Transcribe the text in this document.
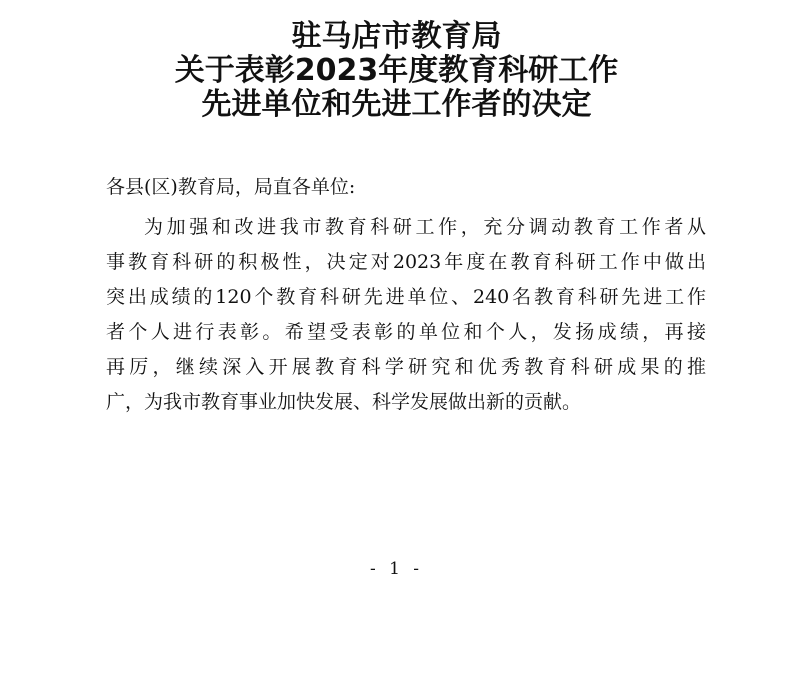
驻马店市教育局
关于表彰2023年度教育科研工作
先进单位和先进工作者的决定
各县(区)教育局，局直各单位:
为加强和改进我市教育科研工作，充分调动教育工作者从
事教育科研的积极性，决定对2023年度在教育科研工作中做出
突出成绩的120个教育科研先进单位、240名教育科研先进工作
者个人进行表彰。希望受表彰的单位和个人，发扬成绩，再接
再厉，继续深入开展教育科学研究和优秀教育科研成果的推
广，为我市教育事业加快发展、科学发展做出新的贡献。
- 1 -
